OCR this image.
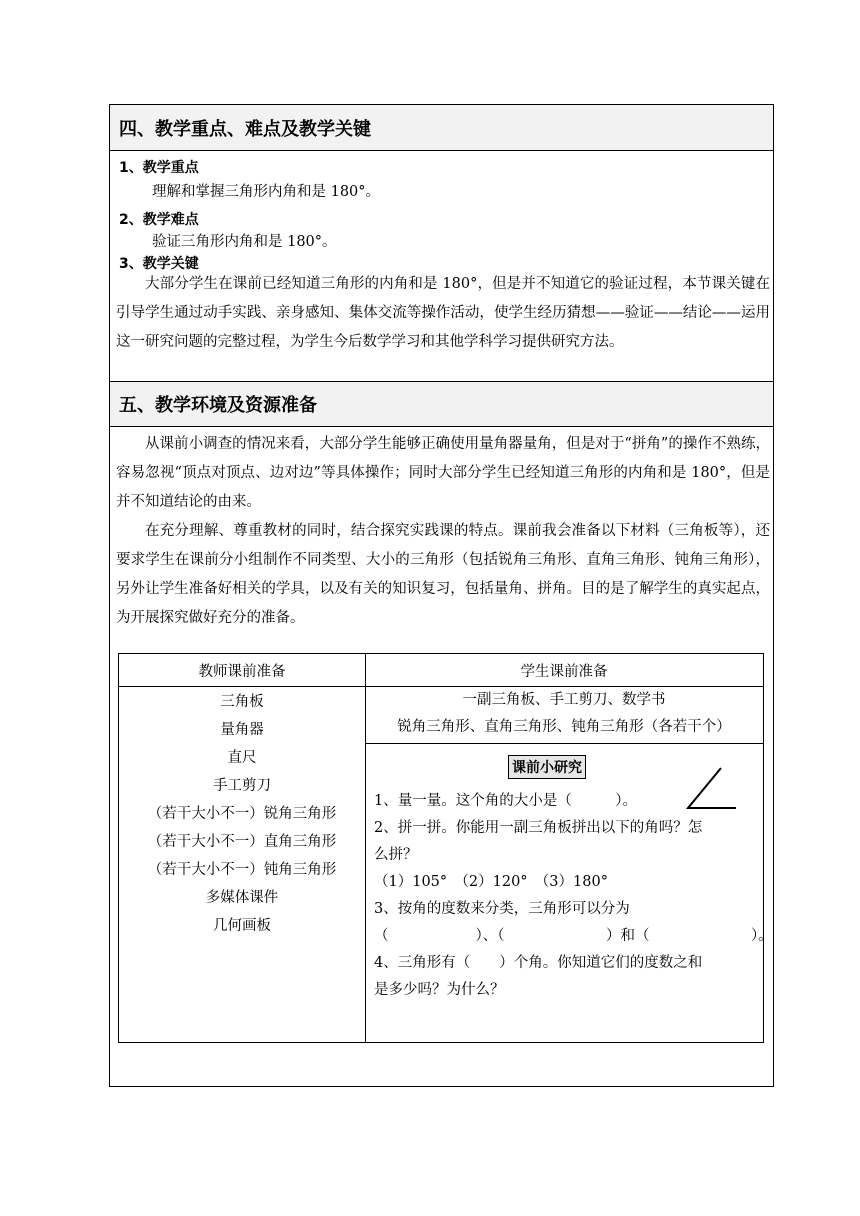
四、教学重点、难点及教学关键
1、教学重点
理解和掌握三角形内角和是 180°。
2、教学难点
验证三角形内角和是 180°。
3、教学关键

大部分学生在课前已经知道三角形的内角和是 180°，但是并不知道它的验证过程，本节课关键在引导学生通过动手实践、亲身感知、集体交流等操作活动，使学生经历猜想——验证——结论——运用这一研究问题的完整过程，为学生今后数学学习和其他学科学习提供研究方法。

五、教学环境及资源准备

从课前小调查的情况来看，大部分学生能够正确使用量角器量角，但是对于“拼角”的操作不熟练，容易忽视“顶点对顶点、边对边”等具体操作；同时大部分学生已经知道三角形的内角和是 180°，但是并不知道结论的由来。

在充分理解、尊重教材的同时，结合探究实践课的特点。课前我会准备以下材料（三角板等），还要求学生在课前分小组制作不同类型、大小的三角形（包括锐角三角形、直角三角形、钝角三角形），另外让学生准备好相关的学具，以及有关的知识复习，包括量角、拼角。目的是了解学生的真实起点，为开展探究做好充分的准备。

教师课前准备	学生课前准备
三角板
量角器
直尺
手工剪刀
（若干大小不一）锐角三角形
（若干大小不一）直角三角形
（若干大小不一）钝角三角形
多媒体课件
几何画板
一副三角板、手工剪刀、数学书
锐角三角形、直角三角形、钝角三角形（各若干个）
课前小研究
1、量一量。这个角的大小是（　　　）。
2、拼一拼。你能用一副三角板拼出以下的角吗？怎
么拼？
（1）105°　（2）120°　（3）180°
3、按角的度数来分类，三角形可以分为
（　　　　　　）、（　　　　　　　）和（　　　　　　　）。
4、三角形有（　　）个角。你知道它们的度数之和
是多少吗？为什么？
